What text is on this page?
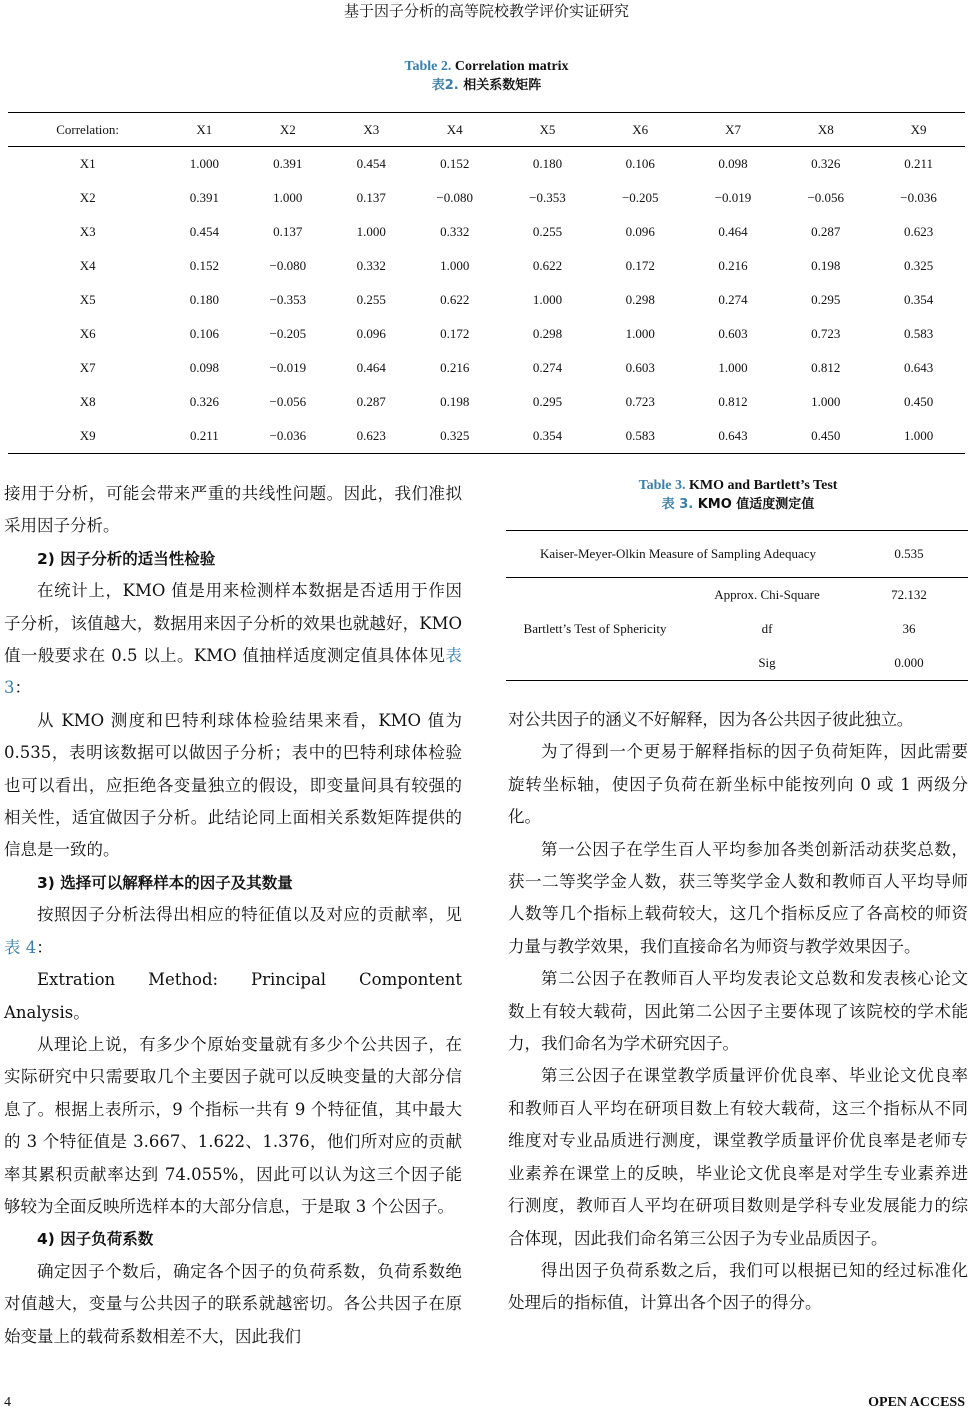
基于因子分析的高等院校教学评价实证研究
Table 2. Correlation matrix
表2. 相关系数矩阵
Correlation:	X1	X2	X3	X4	X5	X6	X7	X8	X9
X1	1.000	0.391	0.454	0.152	0.180	0.106	0.098	0.326	0.211
X2	0.391	1.000	0.137	−0.080	−0.353	−0.205	−0.019	−0.056	−0.036
X3	0.454	0.137	1.000	0.332	0.255	0.096	0.464	0.287	0.623
X4	0.152	−0.080	0.332	1.000	0.622	0.172	0.216	0.198	0.325
X5	0.180	−0.353	0.255	0.622	1.000	0.298	0.274	0.295	0.354
X6	0.106	−0.205	0.096	0.172	0.298	1.000	0.603	0.723	0.583
X7	0.098	−0.019	0.464	0.216	0.274	0.603	1.000	0.812	0.643
X8	0.326	−0.056	0.287	0.198	0.295	0.723	0.812	1.000	0.450
X9	0.211	−0.036	0.623	0.325	0.354	0.583	0.643	0.450	1.000

接用于分析，可能会带来严重的共线性问题。因此，我们准拟采用因子分析。

2) 因子分析的适当性检验

在统计上，KMO 值是用来检测样本数据是否适用于作因子分析，该值越大，数据用来因子分析的效果也就越好，KMO 值一般要求在 0.5 以上。KMO 值抽样适度测定值具体体见表 3：

从 KMO 测度和巴特利球体检验结果来看，KMO 值为 0.535，表明该数据可以做因子分析；表中的巴特利球体检验也可以看出，应拒绝各变量独立的假设，即变量间具有较强的相关性，适宜做因子分析。此结论同上面相关系数矩阵提供的信息是一致的。

3) 选择可以解释样本的因子及其数量

按照因子分析法得出相应的特征值以及对应的贡献率，见表 4：

Extration Method: Principal Compontent Analysis。

从理论上说，有多少个原始变量就有多少个公共因子，在实际研究中只需要取几个主要因子就可以反映变量的大部分信息了。根据上表所示，9 个指标一共有 9 个特征值，其中最大的 3 个特征值是 3.667、1.622、1.376，他们所对应的贡献率其累积贡献率达到 74.055%，因此可以认为这三个因子能够较为全面反映所选样本的大部分信息，于是取 3 个公因子。

4) 因子负荷系数

确定因子个数后，确定各个因子的负荷系数，负荷系数绝对值越大，变量与公共因子的联系就越密切。各公共因子在原始变量上的载荷系数相差不大，因此我们

Table 3. KMO and Bartlett’s Test
表 3. KMO 值适度测定值
Kaiser-Meyer-Olkin Measure of Sampling Adequacy		0.535
Bartlett’s Test of Sphericity	Approx. Chi-Square	72.132
	df	36
	Sig	0.000

对公共因子的涵义不好解释，因为各公共因子彼此独立。

为了得到一个更易于解释指标的因子负荷矩阵，因此需要旋转坐标轴，使因子负荷在新坐标中能按列向 0 或 1 两级分化。

第一公因子在学生百人平均参加各类创新活动获奖总数，获一二等奖学金人数，获三等奖学金人数和教师百人平均导师人数等几个指标上载荷较大，这几个指标反应了各高校的师资力量与教学效果，我们直接命名为师资与教学效果因子。

第二公因子在教师百人平均发表论文总数和发表核心论文数上有较大载荷，因此第二公因子主要体现了该院校的学术能力，我们命名为学术研究因子。

第三公因子在课堂教学质量评价优良率、毕业论文优良率和教师百人平均在研项目数上有较大载荷，这三个指标从不同维度对专业品质进行测度，课堂教学质量评价优良率是老师专业素养在课堂上的反映，毕业论文优良率是对学生专业素养进行测度，教师百人平均在研项目数则是学科专业发展能力的综合体现，因此我们命名第三公因子为专业品质因子。

得出因子负荷系数之后，我们可以根据已知的经过标准化处理后的指标值，计算出各个因子的得分。

4	OPEN ACCESS
